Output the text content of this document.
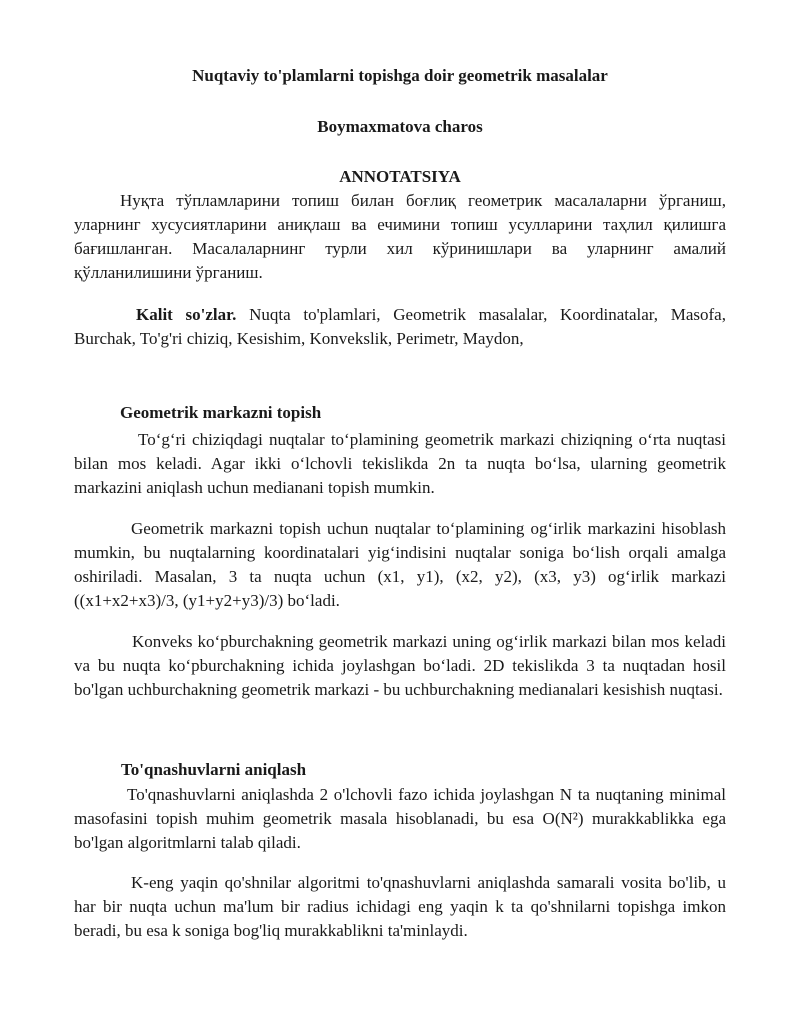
Nuqtaviy to'plamlarni topishga doir geometrik masalalar
Boymaxmatova charos
ANNOTATSIYA

Нуқта тўпламларини топиш билан боғлиқ геометрик масалаларни ўрганиш, уларнинг хусусиятларини аниқлаш ва ечимини топиш усулларини таҳлил қилишга бағишланган. Масалаларнинг турли хил кўринишлари ва уларнинг амалий қўлланилишини ўрганиш.

Kalit so'zlar. Nuqta to'plamlari, Geometrik masalalar, Koordinatalar, Masofa, Burchak, To'g'ri chiziq, Kesishim, Konvekslik, Perimetr, Maydon,

Geometrik markazni topish

To‘g‘ri chiziqdagi nuqtalar to‘plamining geometrik markazi chiziqning o‘rta nuqtasi bilan mos keladi. Agar ikki o‘lchovli tekislikda 2n ta nuqta bo‘lsa, ularning geometrik markazini aniqlash uchun medianani topish mumkin.

Geometrik markazni topish uchun nuqtalar to‘plamining og‘irlik markazini hisoblash mumkin, bu nuqtalarning koordinatalari yig‘indisini nuqtalar soniga bo‘lish orqali amalga oshiriladi. Masalan, 3 ta nuqta uchun (x1, y1), (x2, y2), (x3, y3) og‘irlik markazi ((x1+x2+x3)/3, (y1+y2+y3)/3) bo‘ladi.

Konveks ko‘pburchakning geometrik markazi uning og‘irlik markazi bilan mos keladi va bu nuqta ko‘pburchakning ichida joylashgan bo‘ladi. 2D tekislikda 3 ta nuqtadan hosil bo'lgan uchburchakning geometrik markazi - bu uchburchakning medianalari kesishish nuqtasi.

To'qnashuvlarni aniqlash

To'qnashuvlarni aniqlashda 2 o'lchovli fazo ichida joylashgan N ta nuqtaning minimal masofasini topish muhim geometrik masala hisoblanadi, bu esa O(N²) murakkablikka ega bo'lgan algoritmlarni talab qiladi.

K-eng yaqin qo'shnilar algoritmi to'qnashuvlarni aniqlashda samarali vosita bo'lib, u har bir nuqta uchun ma'lum bir radius ichidagi eng yaqin k ta qo'shnilarni topishga imkon beradi, bu esa k soniga bog'liq murakkablikni ta'minlaydi.
